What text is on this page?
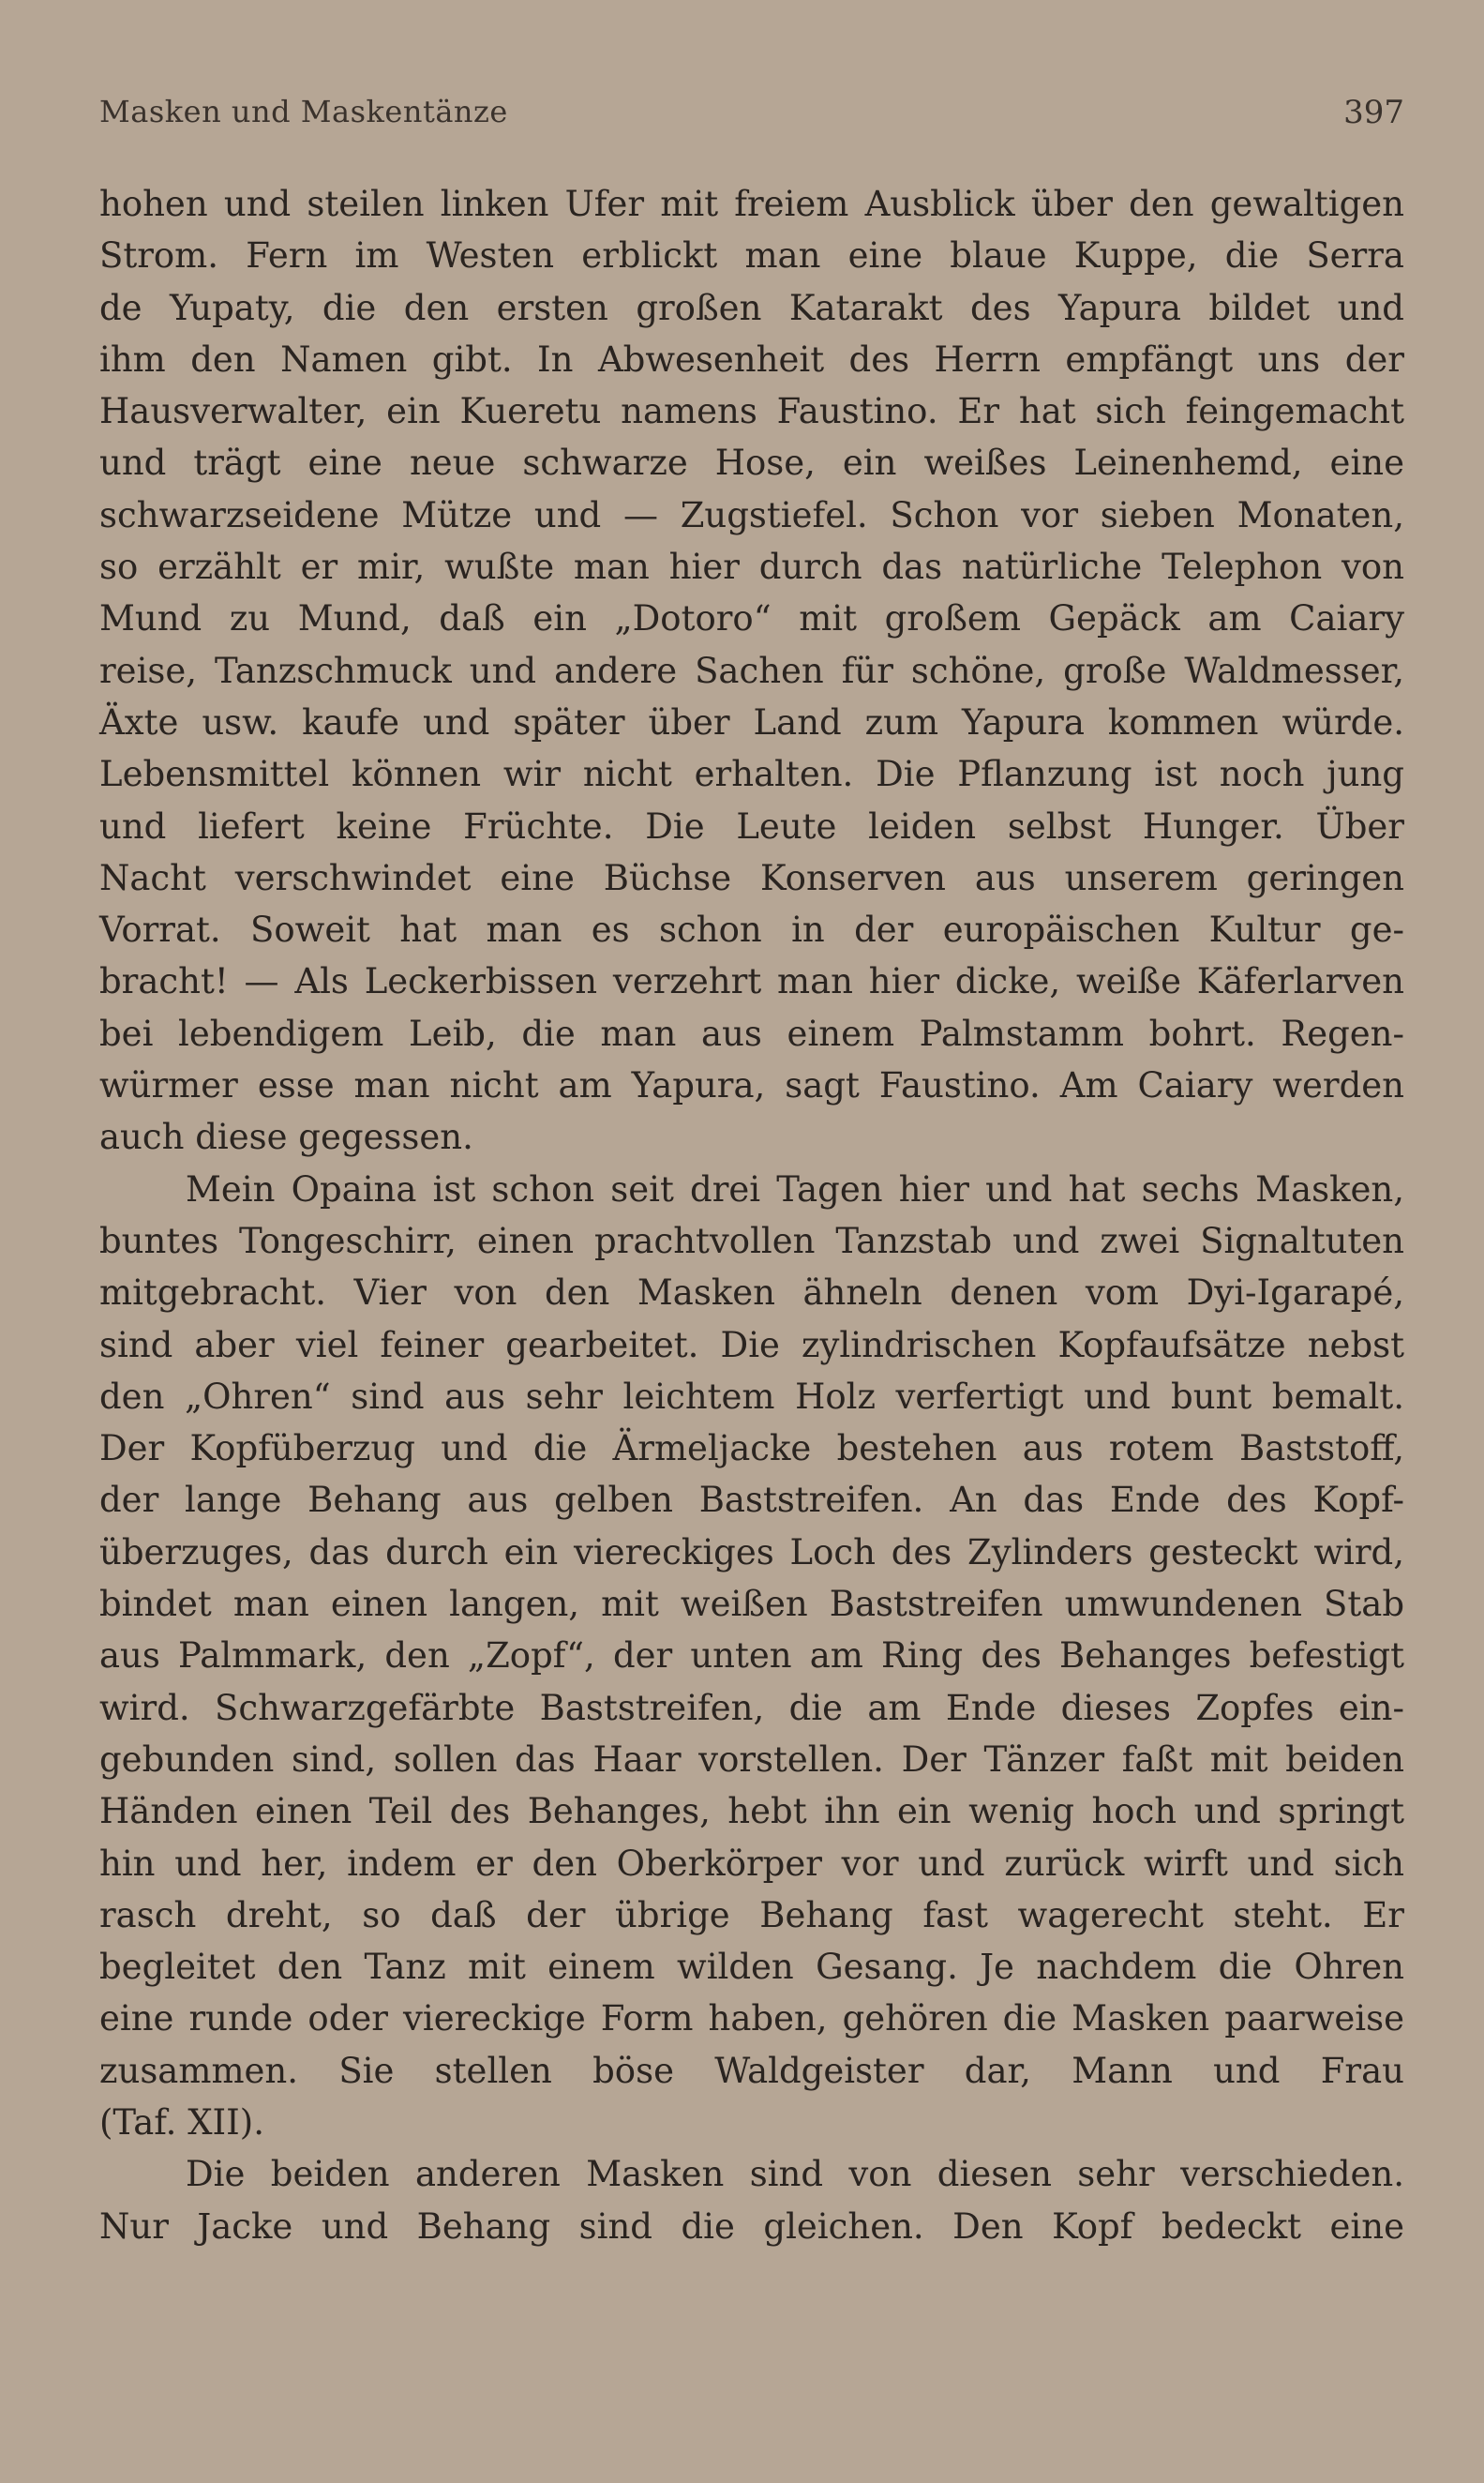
Masken und Maskentänze	397
hohen und steilen linken Ufer mit freiem Ausblick über den gewaltigen
Strom. Fern im Westen erblickt man eine blaue Kuppe, die Serra
de Yupaty, die den ersten großen Katarakt des Yapura bildet und
ihm den Namen gibt. In Abwesenheit des Herrn empfängt uns der
Hausverwalter, ein Kueretu namens Faustino. Er hat sich feingemacht
und trägt eine neue schwarze Hose, ein weißes Leinenhemd, eine
schwarzseidene Mütze und — Zugstiefel. Schon vor sieben Monaten,
so erzählt er mir, wußte man hier durch das natürliche Telephon von
Mund zu Mund, daß ein „Dotoro“ mit großem Gepäck am Caiary
reise, Tanzschmuck und andere Sachen für schöne, große Waldmesser,
Äxte usw. kaufe und später über Land zum Yapura kommen würde.
Lebensmittel können wir nicht erhalten. Die Pflanzung ist noch jung
und liefert keine Früchte. Die Leute leiden selbst Hunger. Über
Nacht verschwindet eine Büchse Konserven aus unserem geringen
Vorrat. Soweit hat man es schon in der europäischen Kultur ge-
bracht! — Als Leckerbissen verzehrt man hier dicke, weiße Käferlarven
bei lebendigem Leib, die man aus einem Palmstamm bohrt. Regen-
würmer esse man nicht am Yapura, sagt Faustino. Am Caiary werden
auch diese gegessen.
Mein Opaina ist schon seit drei Tagen hier und hat sechs Masken,
buntes Tongeschirr, einen prachtvollen Tanzstab und zwei Signaltuten
mitgebracht. Vier von den Masken ähneln denen vom Dyi-Igarapé,
sind aber viel feiner gearbeitet. Die zylindrischen Kopfaufsätze nebst
den „Ohren“ sind aus sehr leichtem Holz verfertigt und bunt bemalt.
Der Kopfüberzug und die Ärmeljacke bestehen aus rotem Baststoff,
der lange Behang aus gelben Baststreifen. An das Ende des Kopf-
überzuges, das durch ein viereckiges Loch des Zylinders gesteckt wird,
bindet man einen langen, mit weißen Baststreifen umwundenen Stab
aus Palmmark, den „Zopf“, der unten am Ring des Behanges befestigt
wird. Schwarzgefärbte Baststreifen, die am Ende dieses Zopfes ein-
gebunden sind, sollen das Haar vorstellen. Der Tänzer faßt mit beiden
Händen einen Teil des Behanges, hebt ihn ein wenig hoch und springt
hin und her, indem er den Oberkörper vor und zurück wirft und sich
rasch dreht, so daß der übrige Behang fast wagerecht steht. Er
begleitet den Tanz mit einem wilden Gesang. Je nachdem die Ohren
eine runde oder viereckige Form haben, gehören die Masken paarweise
zusammen. Sie stellen böse Waldgeister dar, Mann und Frau
(Taf. XII).
Die beiden anderen Masken sind von diesen sehr verschieden.
Nur Jacke und Behang sind die gleichen. Den Kopf bedeckt eine
